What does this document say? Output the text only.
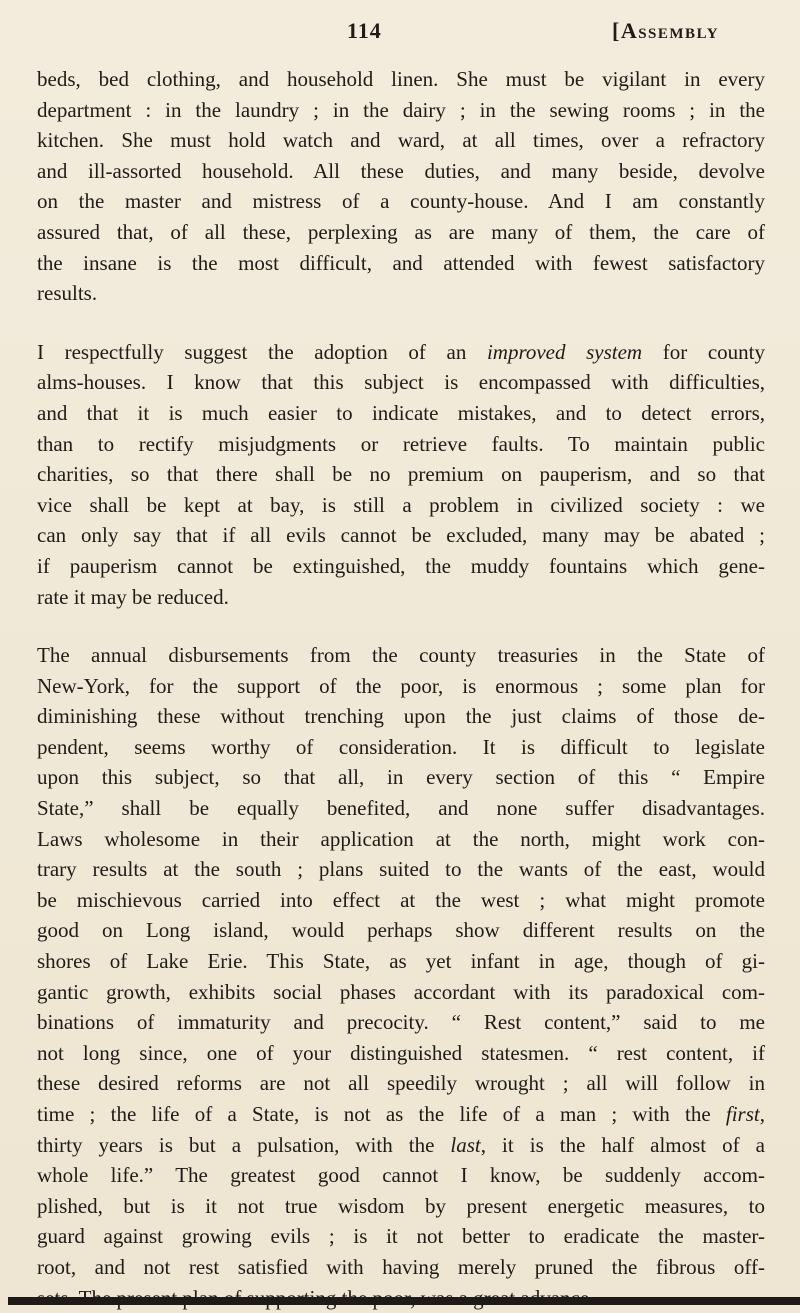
114	[Assembly

beds, bed clothing, and household linen. She must be vigilant in every
department : in the laundry ; in the dairy ; in the sewing rooms ; in the
kitchen. She must hold watch and ward, at all times, over a refractory
and ill-assorted household. All these duties, and many beside, devolve
on the master and mistress of a county-house. And I am constantly
assured that, of all these, perplexing as are many of them, the care of
the insane is the most difficult, and attended with fewest satisfactory
results.

I respectfully suggest the adoption of an improved system for county
alms-houses. I know that this subject is encompassed with difficulties,
and that it is much easier to indicate mistakes, and to detect errors,
than to rectify misjudgments or retrieve faults. To maintain public
charities, so that there shall be no premium on pauperism, and so that
vice shall be kept at bay, is still a problem in civilized society : we
can only say that if all evils cannot be excluded, many may be abated ;
if pauperism cannot be extinguished, the muddy fountains which gene-
rate it may be reduced.

The annual disbursements from the county treasuries in the State of
New-York, for the support of the poor, is enormous ; some plan for
diminishing these without trenching upon the just claims of those de-
pendent, seems worthy of consideration. It is difficult to legislate
upon this subject, so that all, in every section of this “ Empire
State,” shall be equally benefited, and none suffer disadvantages.
Laws wholesome in their application at the north, might work con-
trary results at the south ; plans suited to the wants of the east, would
be mischievous carried into effect at the west ; what might promote
good on Long island, would perhaps show different results on the
shores of Lake Erie. This State, as yet infant in age, though of gi-
gantic growth, exhibits social phases accordant with its paradoxical com-
binations of immaturity and precocity. “ Rest content,” said to me
not long since, one of your distinguished statesmen. “ rest content, if
these desired reforms are not all speedily wrought ; all will follow in
time ; the life of a State, is not as the life of a man ; with the first,
thirty years is but a pulsation, with the last, it is the half almost of a
whole life.” The greatest good cannot I know, be suddenly accom-
plished, but is it not true wisdom by present energetic measures, to
guard against growing evils ; is it not better to eradicate the master-
root, and not rest satisfied with having merely pruned the fibrous off-
